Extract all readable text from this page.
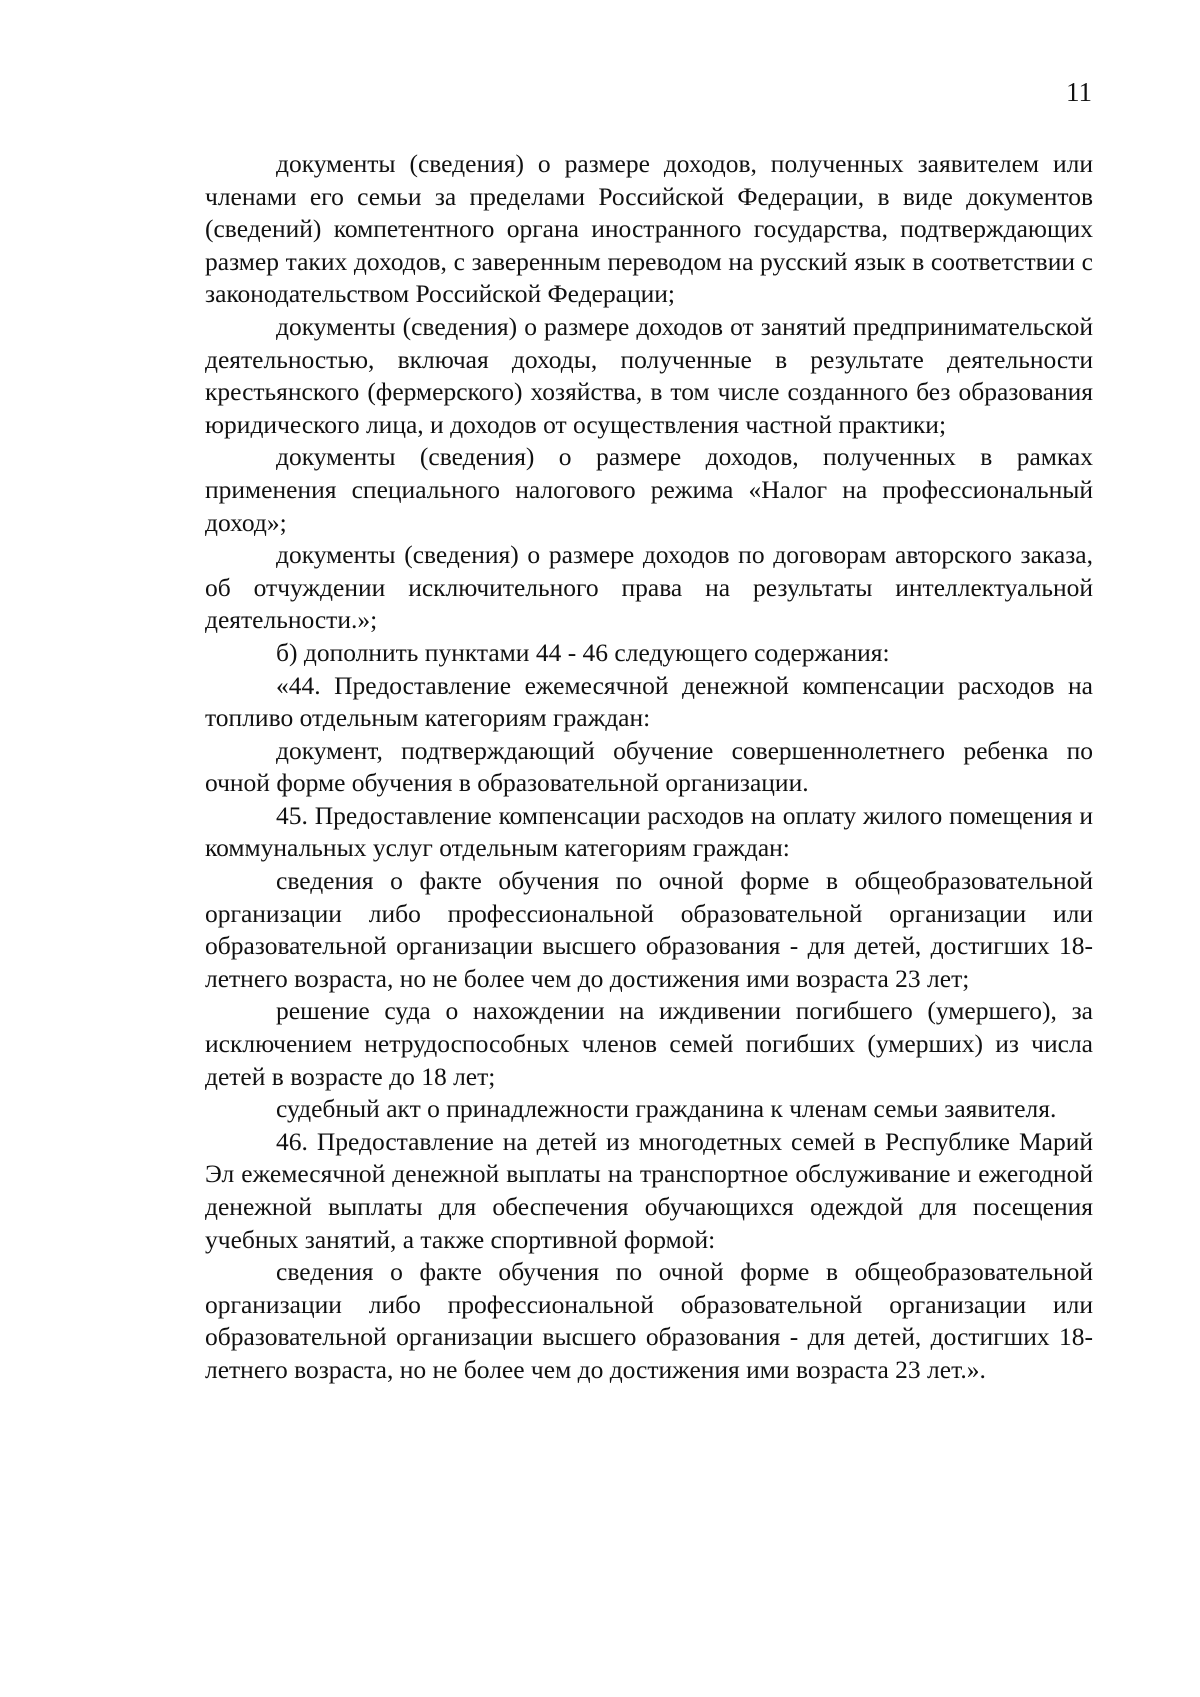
11

документы (сведения) о размере доходов, полученных заявителем или членами его семьи за пределами Российской Федерации, в виде документов (сведений) компетентного органа иностранного государства, подтверждающих размер таких доходов, с заверенным переводом на русский язык в соответствии с законодательством Российской Федерации;

документы (сведения) о размере доходов от занятий предпринимательской деятельностью, включая доходы, полученные в результате деятельности крестьянского (фермерского) хозяйства, в том числе созданного без образования юридического лица, и доходов от осуществления частной практики;

документы (сведения) о размере доходов, полученных в рамках применения специального налогового режима «Налог на профессиональный доход»;

документы (сведения) о размере доходов по договорам авторского заказа, об отчуждении исключительного права на результаты интеллектуальной деятельности.»;

б) дополнить пунктами 44 - 46 следующего содержания:

«44. Предоставление ежемесячной денежной компенсации расходов на топливо отдельным категориям граждан:

документ, подтверждающий обучение совершеннолетнего ребенка по очной форме обучения в образовательной организации.

45. Предоставление компенсации расходов на оплату жилого помещения и коммунальных услуг отдельным категориям граждан:

сведения о факте обучения по очной форме в общеобразовательной организации либо профессиональной образовательной организации или образовательной организации высшего образования - для детей, достигших 18-летнего возраста, но не более чем до достижения ими возраста 23 лет;

решение суда о нахождении на иждивении погибшего (умершего), за исключением нетрудоспособных членов семей погибших (умерших) из числа детей в возрасте до 18 лет;

судебный акт о принадлежности гражданина к членам семьи заявителя.

46. Предоставление на детей из многодетных семей в Республике Марий Эл ежемесячной денежной выплаты на транспортное обслуживание и ежегодной денежной выплаты для обеспечения обучающихся одеждой для посещения учебных занятий, а также спортивной формой:

сведения о факте обучения по очной форме в общеобразовательной организации либо профессиональной образовательной организации или образовательной организации высшего образования - для детей, достигших 18-летнего возраста, но не более чем до достижения ими возраста 23 лет.».
